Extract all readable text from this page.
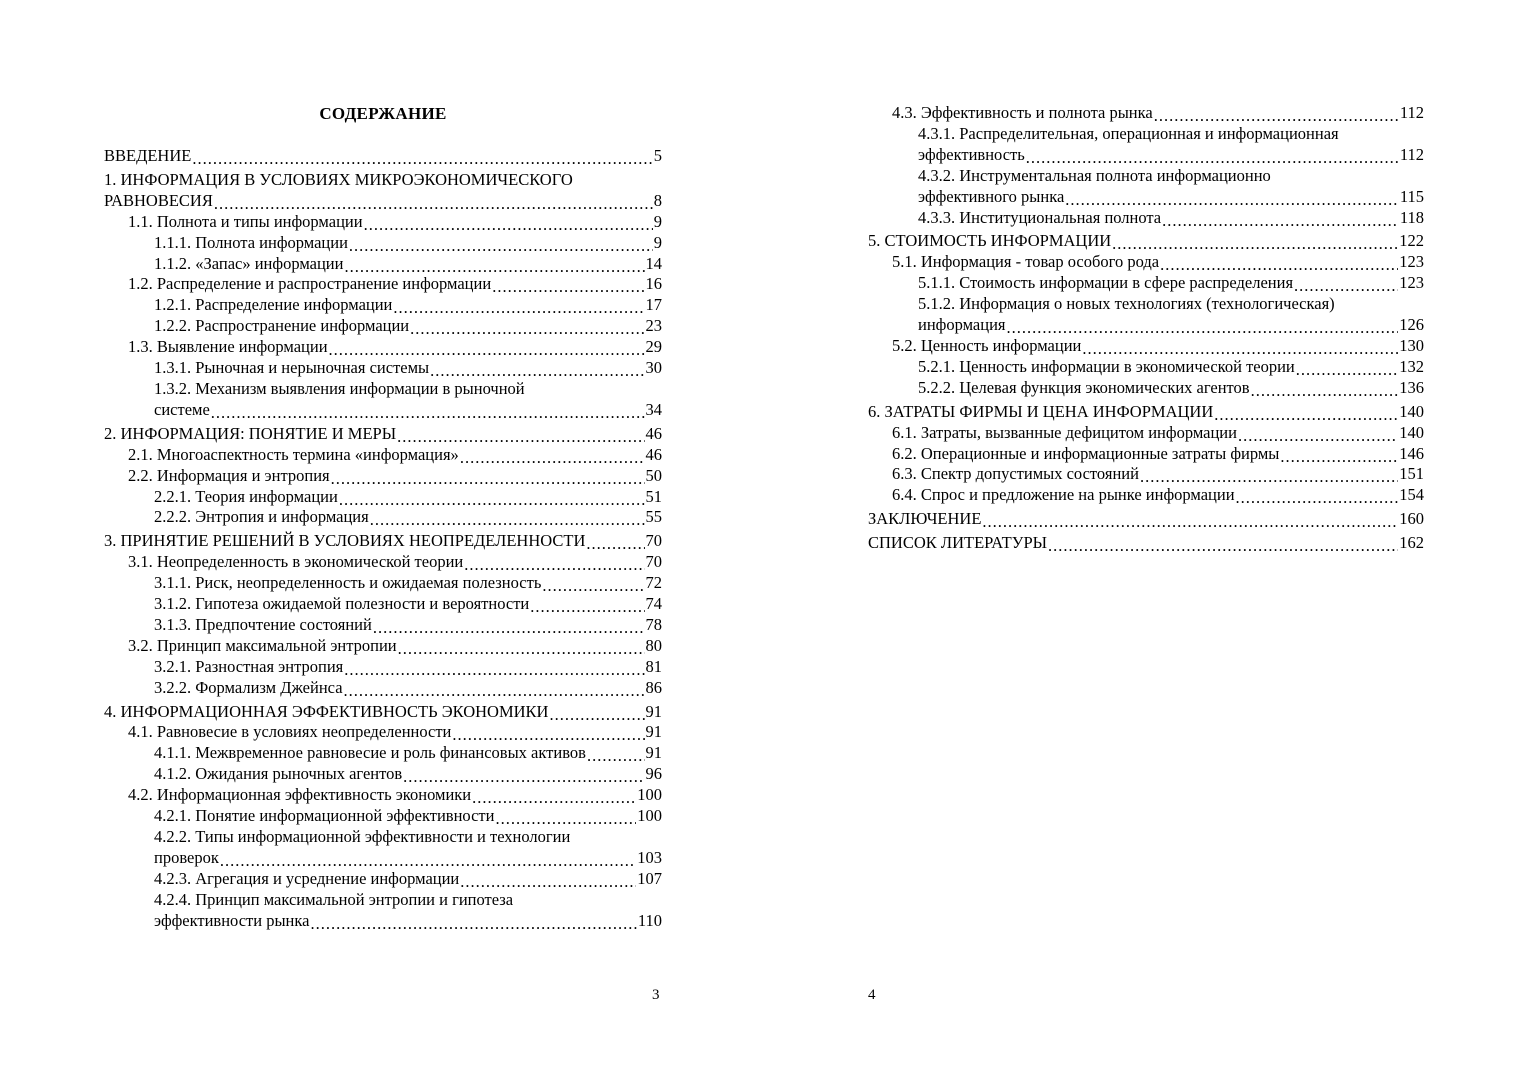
СОДЕРЖАНИЕ
ВВЕДЕНИЕ .....	5
1. ИНФОРМАЦИЯ В УСЛОВИЯХ МИКРОЭКОНОМИЧЕСКОГО
РАВНОВЕСИЯ .....	8
1.1. Полнота и типы информации .....	9
1.1.1. Полнота информации .....	9
1.1.2. «Запас» информации .....	14
1.2. Распределение и распространение информации .....	16
1.2.1. Распределение информации .....	17
1.2.2. Распространение информации .....	23
1.3. Выявление информации .....	29
1.3.1. Рыночная и нерыночная системы .....	30
1.3.2. Механизм выявления информации в рыночной
системе .....	34
2. ИНФОРМАЦИЯ: ПОНЯТИЕ И МЕРЫ .....	46
2.1. Многоаспектность термина «информация» .....	46
2.2. Информация и энтропия .....	50
2.2.1. Теория информации .....	51
2.2.2. Энтропия и информация .....	55
3. ПРИНЯТИЕ РЕШЕНИЙ В УСЛОВИЯХ НЕОПРЕДЕЛЕННОСТИ .....	70
3.1. Неопределенность в экономической теории .....	70
3.1.1. Риск, неопределенность и ожидаемая полезность .....	72
3.1.2. Гипотеза ожидаемой полезности и вероятности .....	74
3.1.3. Предпочтение состояний .....	78
3.2. Принцип максимальной энтропии .....	80
3.2.1. Разностная энтропия .....	81
3.2.2. Формализм Джейнса .....	86
4. ИНФОРМАЦИОННАЯ ЭФФЕКТИВНОСТЬ ЭКОНОМИКИ .....	91
4.1. Равновесие в условиях неопределенности .....	91
4.1.1. Межвременное равновесие и роль финансовых активов .....	91
4.1.2. Ожидания рыночных агентов .....	96
4.2. Информационная эффективность экономики .....	100
4.2.1. Понятие информационной эффективности .....	100
4.2.2. Типы информационной эффективности и технологии
проверок .....	103
4.2.3. Агрегация и усреднение информации .....	107
4.2.4. Принцип максимальной энтропии и гипотеза
эффективности рынка .....	110
3
4.3. Эффективность и полнота рынка .....	112
4.3.1. Распределительная, операционная и информационная
эффективность .....	112
4.3.2. Инструментальная полнота информационно
эффективного рынка .....	115
4.3.3. Институциональная полнота .....	118
5. СТОИМОСТЬ ИНФОРМАЦИИ .....	122
5.1. Информация - товар особого рода .....	123
5.1.1. Стоимость информации в сфере распределения .....	123
5.1.2. Информация о новых технологиях (технологическая)
информация .....	126
5.2. Ценность информации .....	130
5.2.1. Ценность информации в экономической теории .....	132
5.2.2. Целевая функция экономических агентов .....	136
6. ЗАТРАТЫ ФИРМЫ И ЦЕНА ИНФОРМАЦИИ .....	140
6.1. Затраты, вызванные дефицитом информации .....	140
6.2. Операционные и информационные затраты фирмы .....	146
6.3. Спектр допустимых состояний .....	151
6.4. Спрос и предложение на рынке информации .....	154
ЗАКЛЮЧЕНИЕ .....	160
СПИСОК ЛИТЕРАТУРЫ .....	162
4
